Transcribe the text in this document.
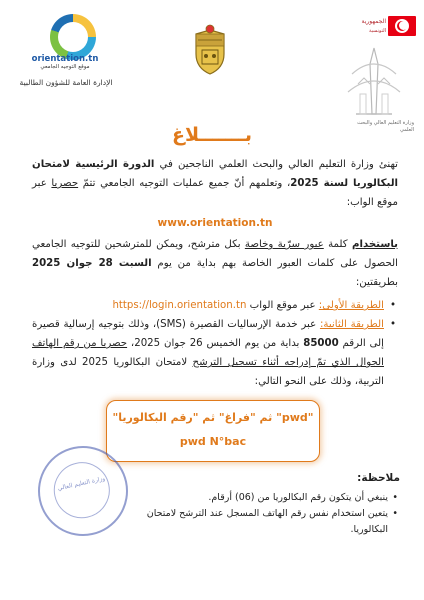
orientation.tn
موقع التوجيه الجامعي
الإدارة العامة للشؤون الطالبية
الجمهورية
التونسية
وزارة التعليم العالي والبحث العلمي
بـــــــلاغ

تهنئ وزارة التعليم العالي والبحث العلمي الناجحين في الدورة الرئيسية لامتحان البكالوريا لسنة 2025، وتعلمهم أنّ جميع عمليات التوجيه الجامعي تتمّ حصريا عبر موقع الواب:

www.orientation.tn

باستخدام كلمة عبور سرّية وخاصة بكل مترشح، ويمكن للمترشحين للتوجيه الجامعي الحصول على كلمات العبور الخاصة بهم بداية من يوم السبت 28 جوان 2025 بطريقتين:

• الطريقة الأولى: عبر موقع الواب https://login.orientation.tn
• الطريقة الثانية: عبر خدمة الإرساليات القصيرة (SMS)، وذلك بتوجيه إرسالية قصيرة إلى الرقم 85000 بداية من يوم الخميس 26 جوان 2025، حصريا من رقم الهاتف الجوال الذي تمّ إدراجه أثناء تسجيل الترشح لامتحان البكالوريا 2025 لدى وزارة التربية، وذلك على النحو التالي:
"pwd" ثم "فراغ" ثم "رقم البكالوريا"
pwd N°bac
وزارة التعليم العالي	ملاحظة:
• ينبغي أن يتكون رقم البكالوريا من (06) أرقام.
• يتعين استخدام نفس رقم الهاتف المسجل عند الترشح لامتحان البكالوريا.
